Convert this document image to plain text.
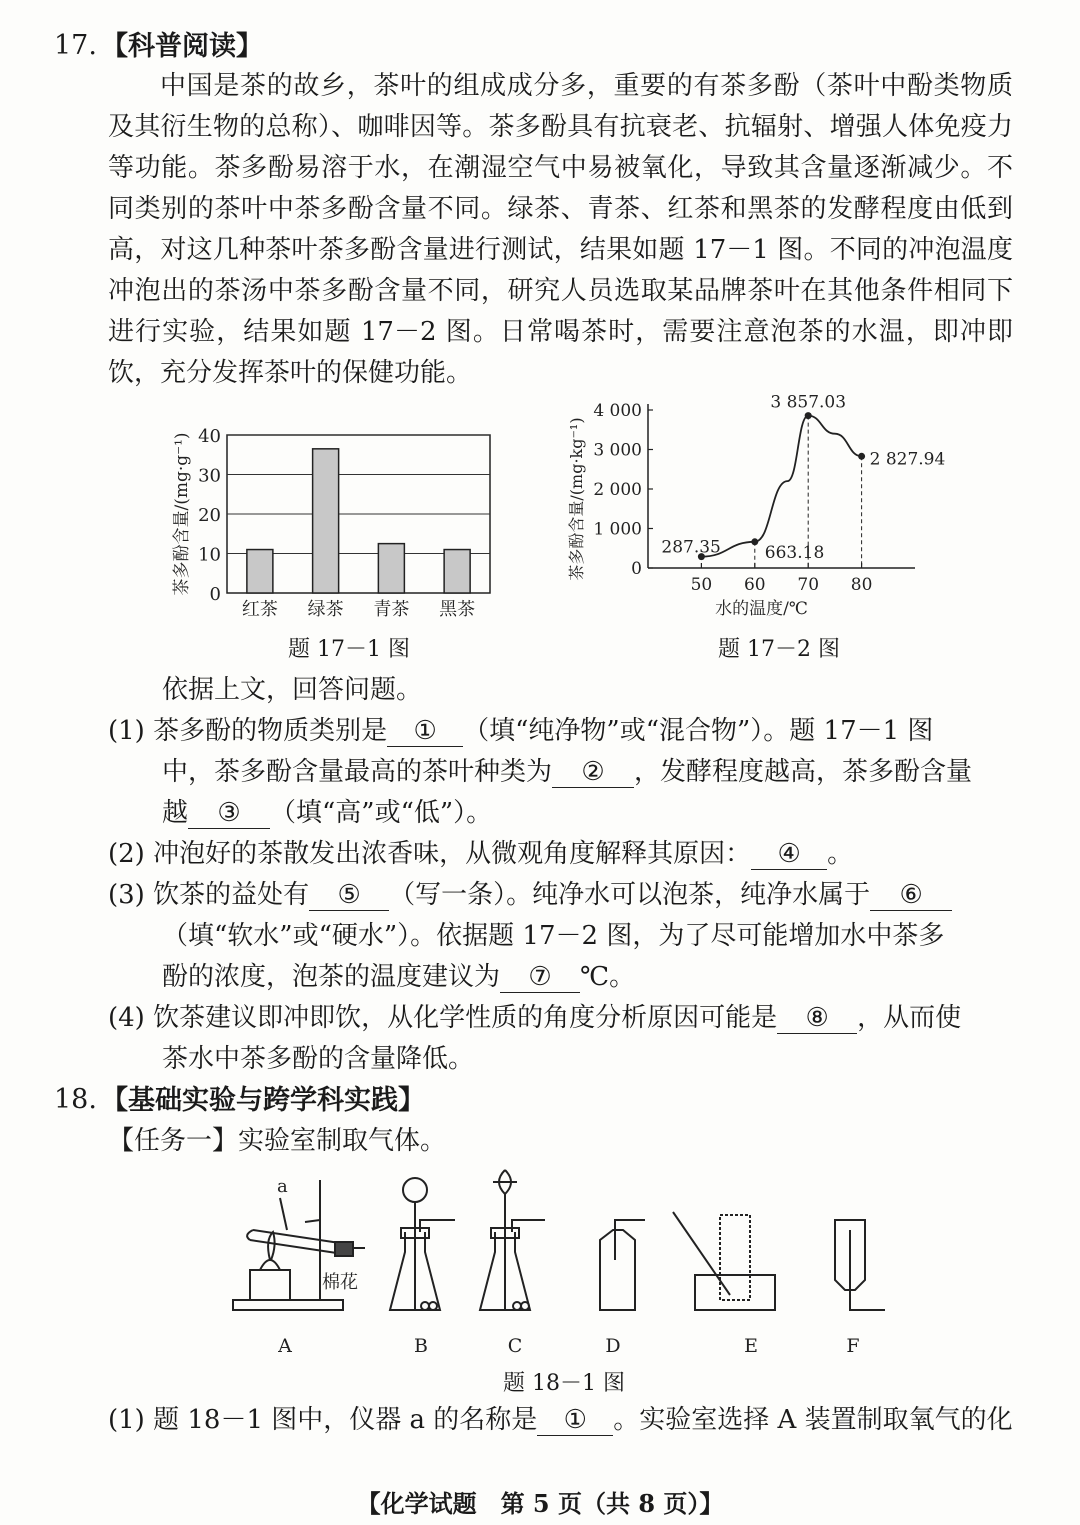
17. 【科普阅读】
中国是茶的故乡，茶叶的组成成分多，重要的有茶多酚（茶叶中酚类物质及其衍生物的总称）、咖啡因等。茶多酚具有抗衰老、抗辐射、增强人体免疫力等功能。茶多酚易溶于水，在潮湿空气中易被氧化，导致其含量逐渐减少。不同类别的茶叶中茶多酚含量不同。绿茶、青茶、红茶和黑茶的发酵程度由低到高，对这几种茶叶茶多酚含量进行测试，结果如题 17－1 图。不同的冲泡温度冲泡出的茶汤中茶多酚含量不同，研究人员选取某品牌茶叶在其他条件相同下进行实验，结果如题 17－2 图。日常喝茶时，需要注意泡茶的水温，即冲即饮，充分发挥茶叶的保健功能。
0
10
20
30
40
红茶 绿茶 青茶 黑茶
茶多酚含量/(mg·g⁻¹)
题 17－1 图
0
1 000
2 000
3 000
4 000
50 60 70 80
水的温度/℃
茶多酚含量/(mg·kg⁻¹)	287.35	663.18
3 857.03
2 827.94
题 17－2 图
依据上文，回答问题。
(1) 茶多酚的物质类别是 ① （填“纯净物”或“混合物”）。题 17－1 图
中，茶多酚含量最高的茶叶种类为 ② ，发酵程度越高，茶多酚含量
越 ③ （填“高”或“低”）。
(2) 冲泡好的茶散发出浓香味，从微观角度解释其原因： ④ 。
(3) 饮茶的益处有 ⑤ （写一条）。纯净水可以泡茶，纯净水属于 ⑥
（填“软水”或“硬水”）。依据题 17－2 图，为了尽可能增加水中茶多
酚的浓度，泡茶的温度建议为 ⑦ ℃。
(4) 饮茶建议即冲即饮，从化学性质的角度分析原因可能是 ⑧ ，从而使
茶水中茶多酚的含量降低。
18. 【基础实验与跨学科实践】
【任务一】实验室制取气体。
a
棉花
A	B	C	D	E	F
题 18－1 图
(1) 题 18－1 图中，仪器 a 的名称是 ① 。实验室选择 A 装置制取氧气的化
【化学试题　第 5 页（共 8 页）】
